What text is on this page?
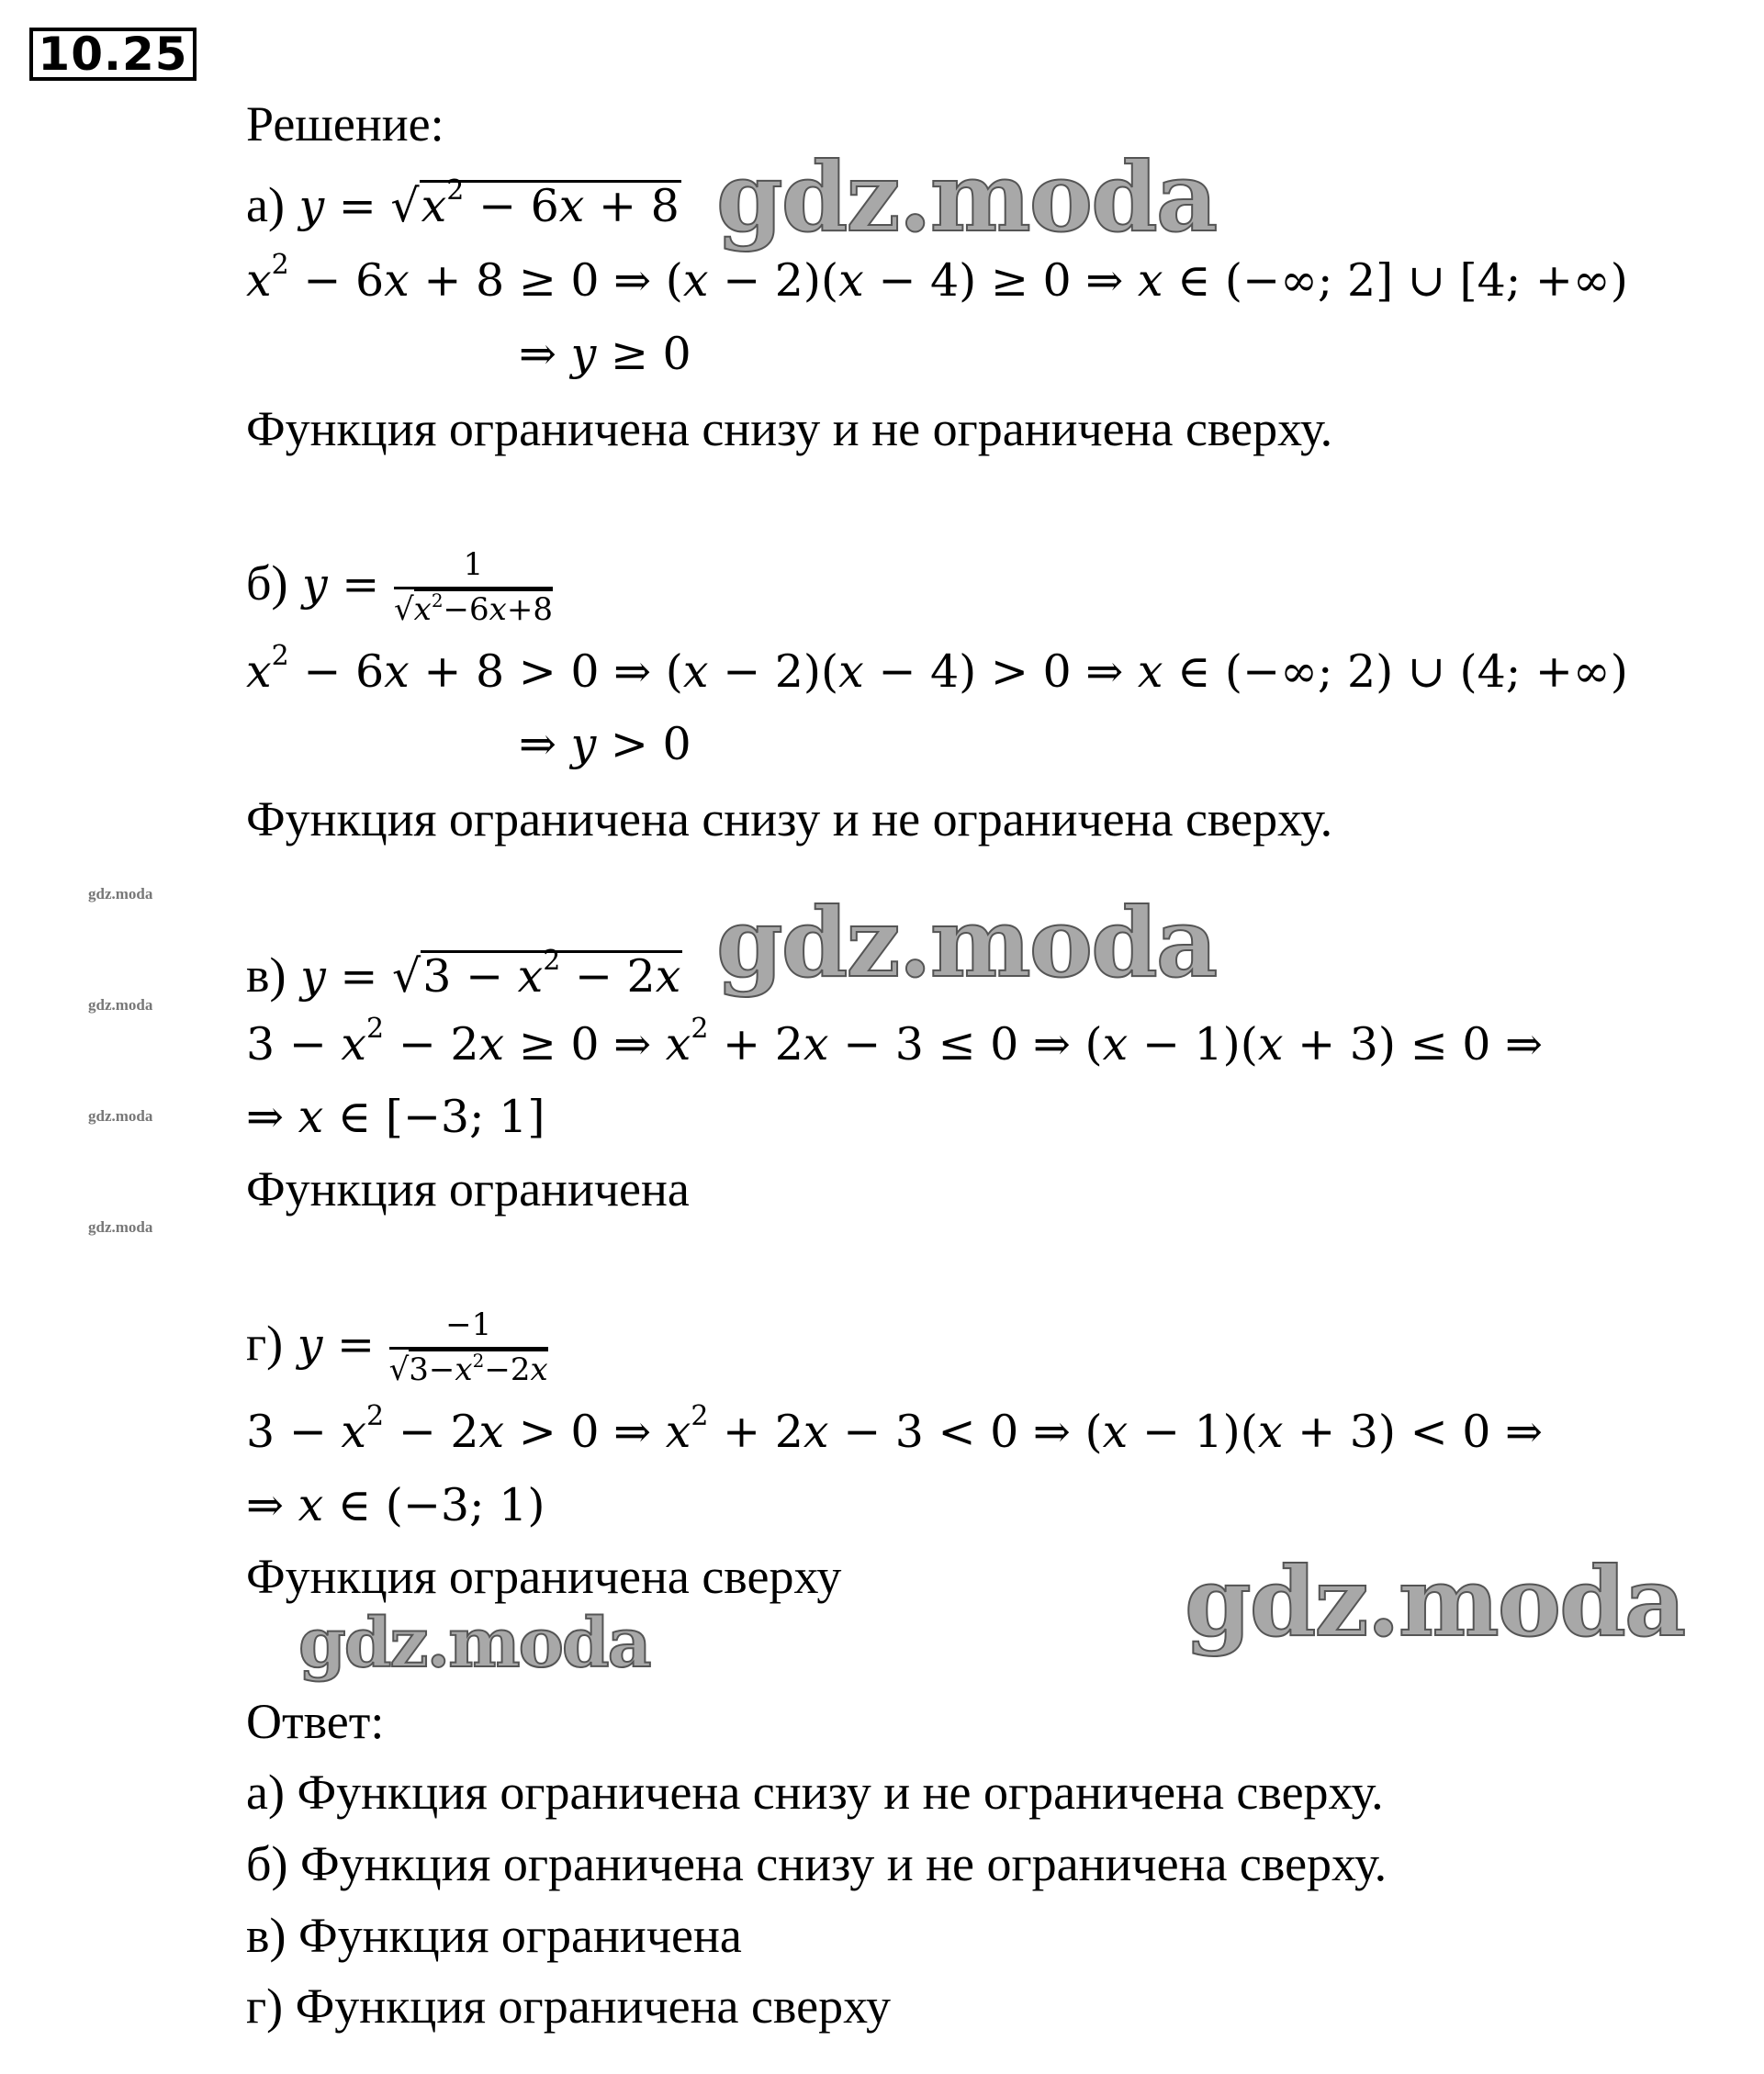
10.25
Решение:
а) $y = √x^2 - 6x + 8$
$x^2 - 6x + 8 \ge 0$ ⇒ (x − 2)(x − 4) ≥ 0 ⇒ x ∈ (−∞; 2] ∪ [4; +∞)
⇒ y ≥ 0
Функция ограничена снизу и не ограничена сверху.
б) $y = \frac{1}{√x^2-6x+8}$
$x^2 - 6x + 8 > 0$ ⇒ (x − 2)(x − 4) > 0 ⇒ x ∈ (−∞; 2) ∪ (4; +∞)
⇒ y > 0
Функция ограничена снизу и не ограничена сверху.
в) $y = √3 - x^2 - 2x$
$3 - x^2 - 2x \ge 0$ ⇒ $x^2 + 2x - 3 \le 0$ ⇒ (x − 1)(x + 3) ≤ 0 ⇒
⇒ x ∈ [−3; 1]
Функция ограничена
г) $y = \frac{-1}{√3-x^2-2x}$
$3 - x^2 - 2x > 0$ ⇒ $x^2 + 2x - 3 < 0$ ⇒ (x − 1)(x + 3) < 0 ⇒
⇒ x ∈ (−3; 1)
Функция ограничена сверху
Ответ:
а) Функция ограничена снизу и не ограничена сверху.
б) Функция ограничена снизу и не ограничена сверху.
в) Функция ограничена
г) Функция ограничена сверху
gdz.moda
gdz.moda
gdz.moda
gdz.moda
gdz.moda
gdz.moda
gdz.moda
gdz.moda
